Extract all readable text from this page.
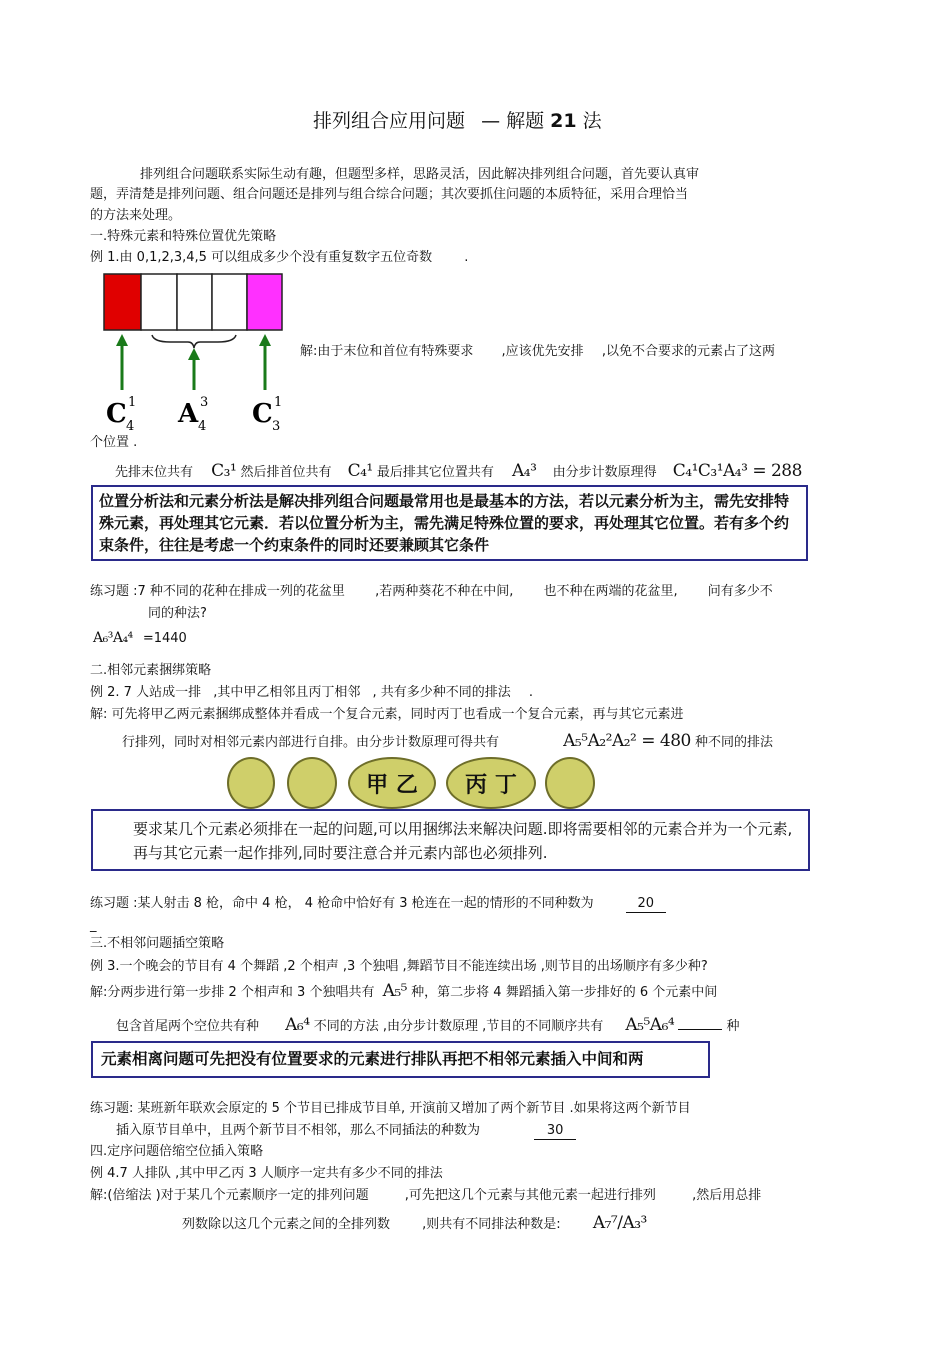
排列组合应用问题 — 解题 21 法
排列组合问题联系实际生动有趣，但题型多样，思路灵活，因此解决排列组合问题，首先要认真审
题，弄清楚是排列问题、组合问题还是排列与组合综合问题；其次要抓住问题的本质特征，采用合理恰当
的方法来处理。
一.特殊元素和特殊位置优先策略
例 1.由 0,1,2,3,4,5 可以组成多少个没有重复数字五位奇数 .
C 1
4 A 3
4 C 1
3
解:由于末位和首位有特殊要求 ,应该优先安排 ,以免不合要求的元素占了这两
个位置 .
先排末位共有 C₃¹ 然后排首位共有 C₄¹ 最后排其它位置共有 A₄³ 由分步计数原理得 C₄¹C₃¹A₄³ = 288
位置分析法和元素分析法是解决排列组合问题最常用也是最基本的方法，若以元素分析为主，需先安排特殊元素，再处理其它元素．若以位置分析为主，需先满足特殊位置的要求，再处理其它位置。若有多个约束条件，往往是考虑一个约束条件的同时还要兼顾其它条件
练习题 :7 种不同的花种在排成一列的花盆里 ,若两种葵花不种在中间, 也不种在两端的花盆里, 问有多少不
同的种法?
A₆³A₄⁴ =1440
二.相邻元素捆绑策略
例 2. 7 人站成一排 ,其中甲乙相邻且丙丁相邻 , 共有多少种不同的排法 .
解: 可先将甲乙两元素捆绑成整体并看成一个复合元素，同时丙丁也看成一个复合元素，再与其它元素进
行排列，同时对相邻元素内部进行自排。由分步计数原理可得共有	A₅⁵A₂²A₂² = 480 种不同的排法
甲 乙	丙 丁
要求某几个元素必须排在一起的问题,可以用捆绑法来解决问题.即将需要相邻的元素合并为一个元素,再与其它元素一起作排列,同时要注意合并元素内部也必须排列.
练习题 :某人射击 8 枪，命中 4 枪， 4 枪命中恰好有 3 枪连在一起的情形的不同种数为	20
_
三.不相邻问题插空策略
例 3.一个晚会的节目有 4 个舞蹈 ,2 个相声 ,3 个独唱 ,舞蹈节目不能连续出场 ,则节目的出场顺序有多少种?
解:分两步进行第一步排 2 个相声和 3 个独唱共有 A₅⁵ 种，第二步将 4 舞蹈插入第一步排好的 6 个元素中间
包含首尾两个空位共有种 A₆⁴ 不同的方法 ,由分步计数原理 ,节目的不同顺序共有 A₅⁵A₆⁴	种
元素相离问题可先把没有位置要求的元素进行排队再把不相邻元素插入中间和两
练习题: 某班新年联欢会原定的 5 个节目已排成节目单, 开演前又增加了两个新节目 .如果将这两个新节目
插入原节目单中，且两个新节目不相邻，那么不同插法的种数为	30
四.定序问题倍缩空位插入策略
例 4.7 人排队 ,其中甲乙丙 3 人顺序一定共有多少不同的排法
解:(倍缩法 )对于某几个元素顺序一定的排列问题	,可先把这几个元素与其他元素一起进行排列	,然后用总排
列数除以这几个元素之间的全排列数 ,则共有不同排法种数是: A₇⁷/A₃³
